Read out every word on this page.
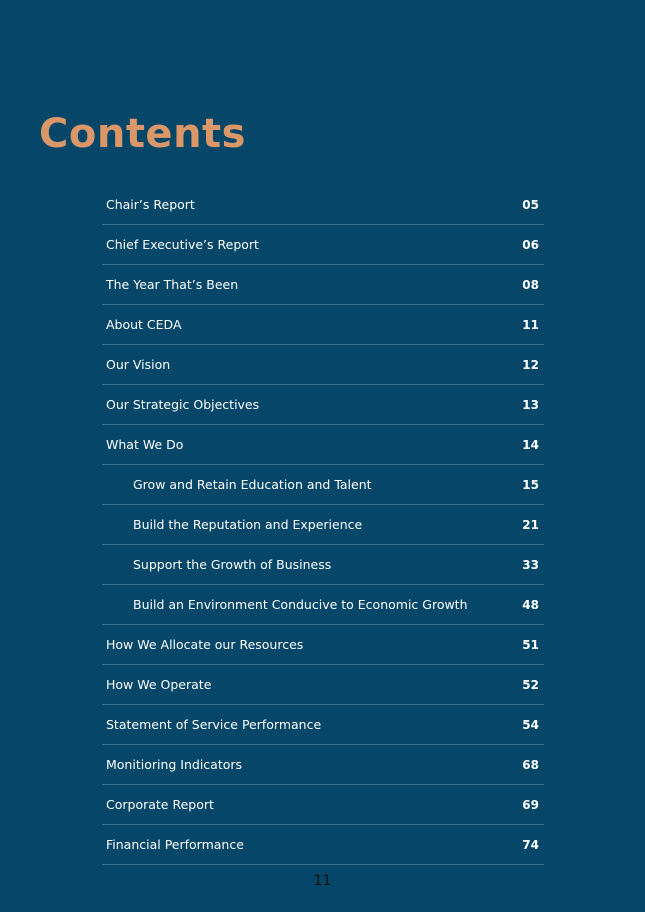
Contents
Chair’s Report	05
Chief Executive’s Report	06
The Year That’s Been	08
About CEDA	11
Our Vision	12
Our Strategic Objectives	13
What We Do	14
Grow and Retain Education and Talent	15
Build the Reputation and Experience	21
Support the Growth of Business	33
Build an Environment Conducive to Economic Growth	48
How We Allocate our Resources	51
How We Operate	52
Statement of Service Performance	54
Monitioring Indicators	68
Corporate Report	69
Financial Performance	74
11
